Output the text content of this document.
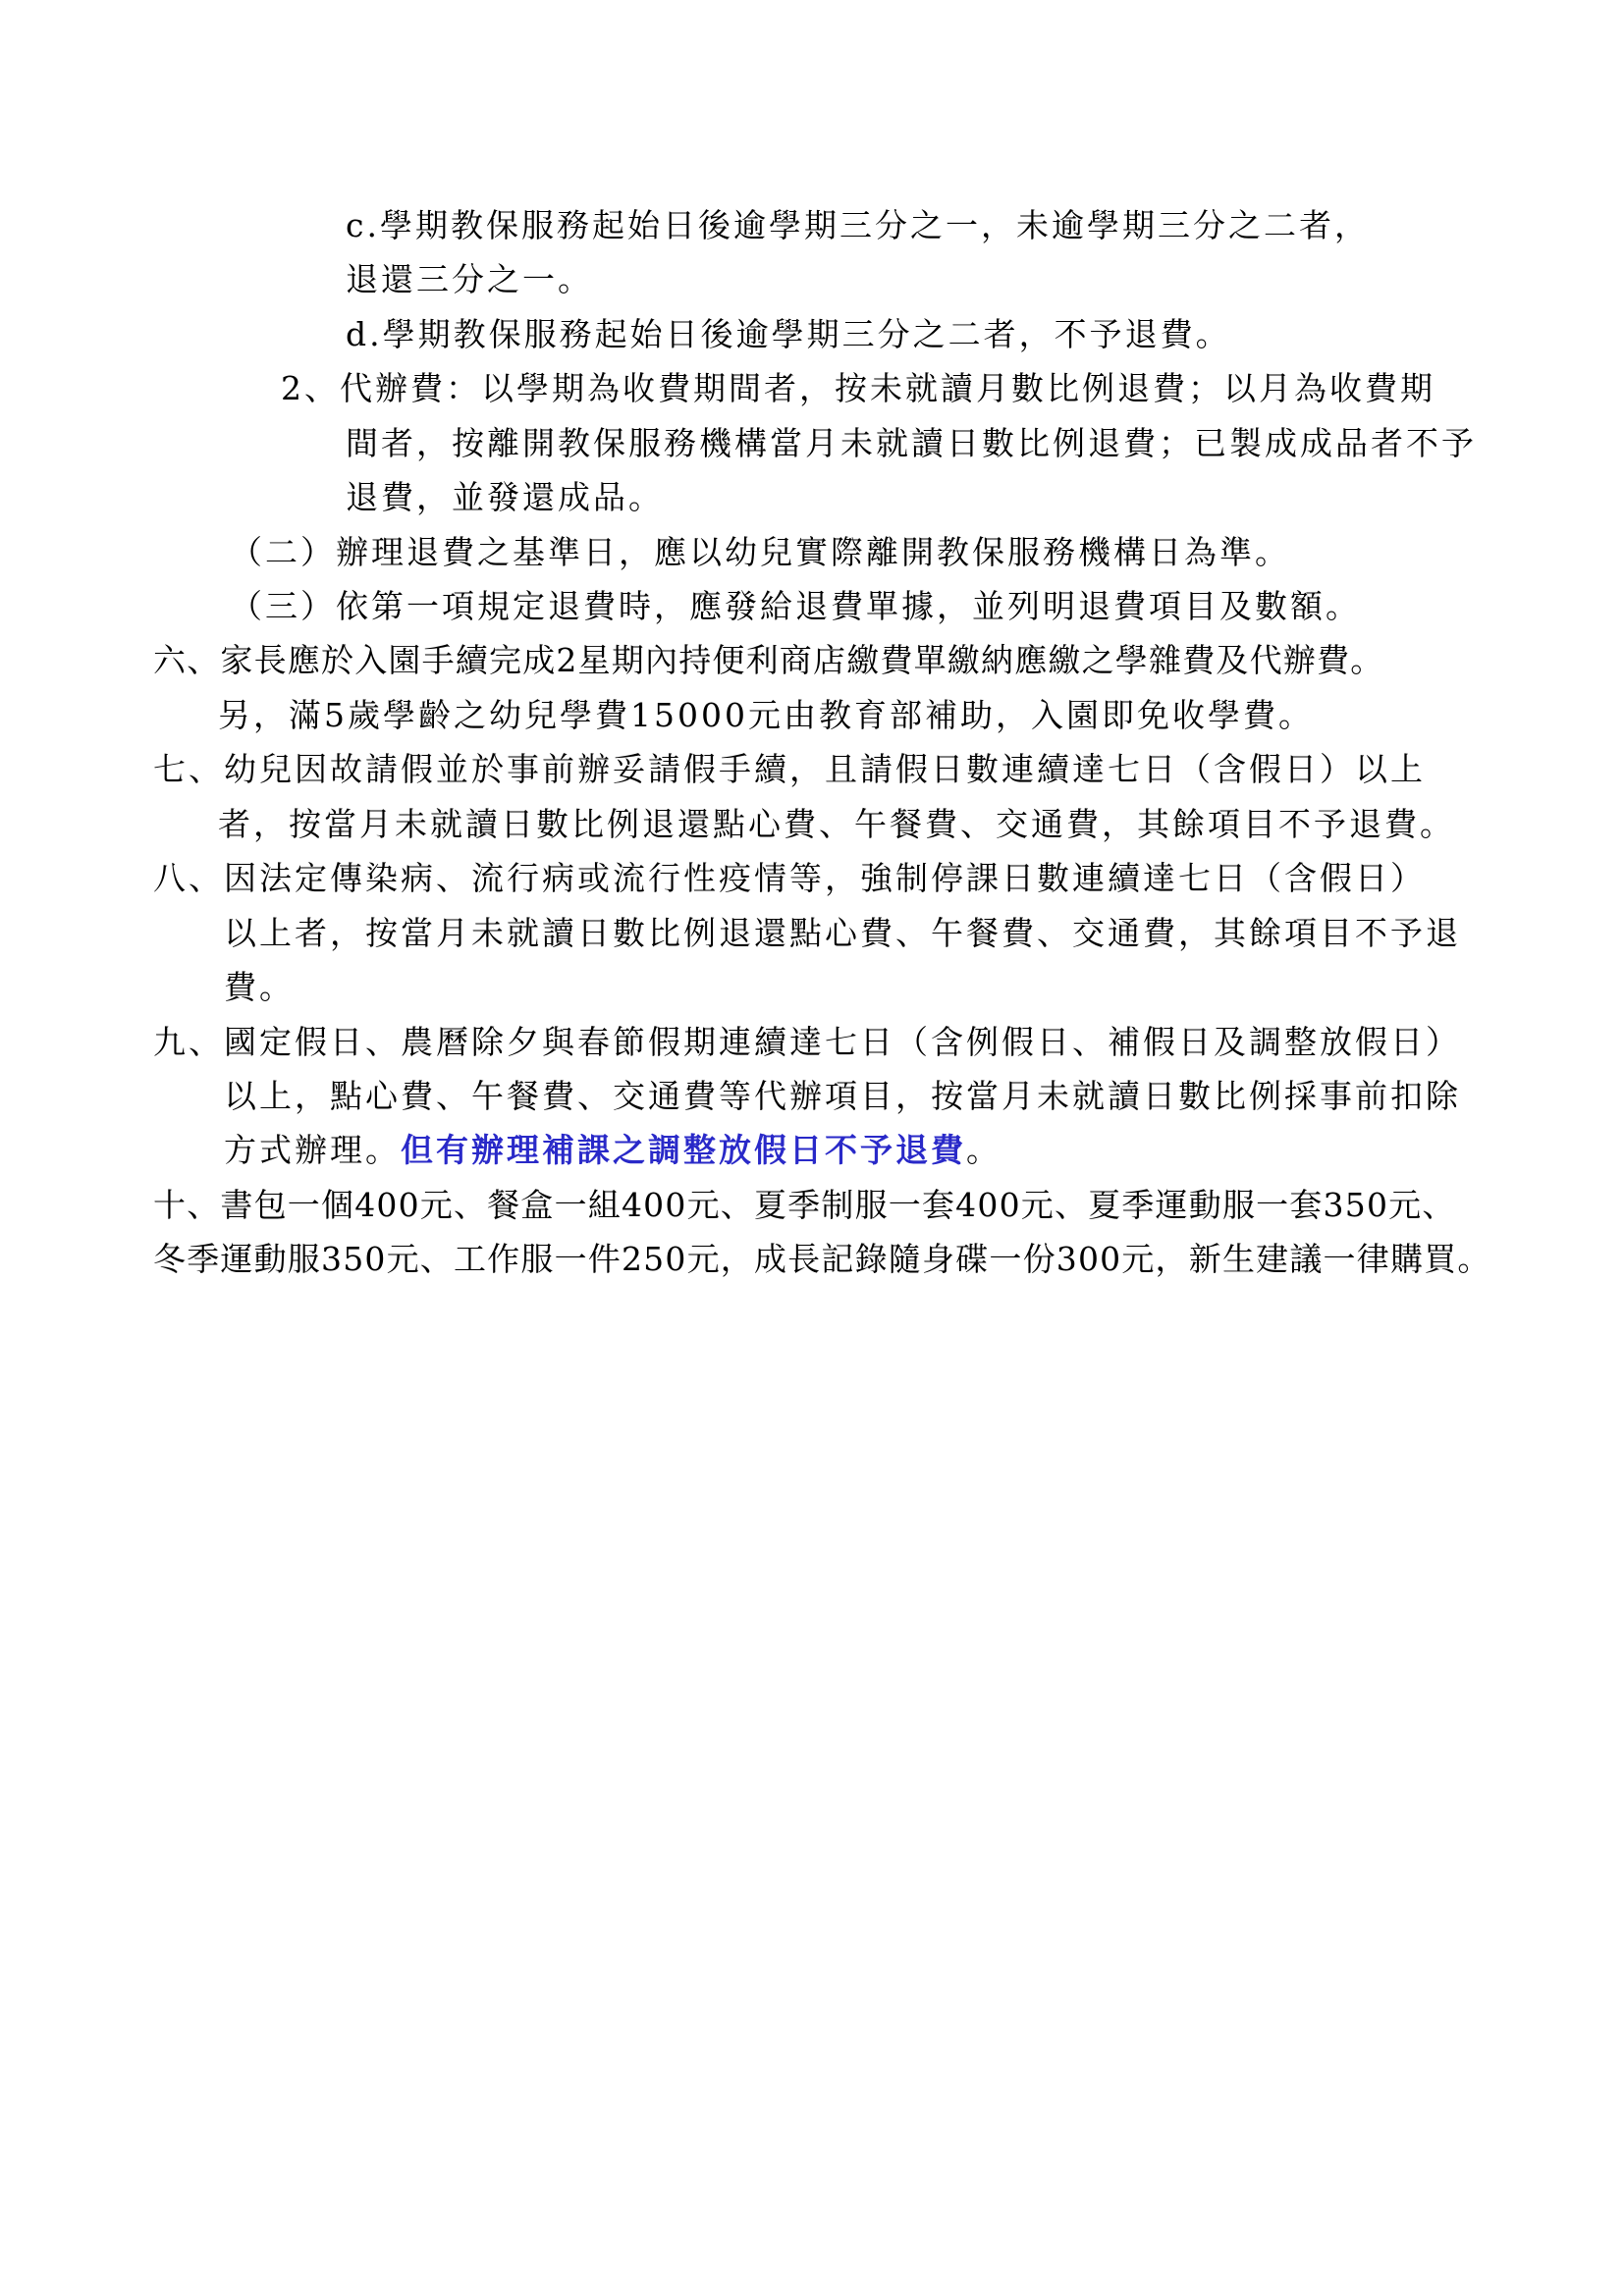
c.學期教保服務起始日後逾學期三分之一，未逾學期三分之二者，

退還三分之一。

d.學期教保服務起始日後逾學期三分之二者，不予退費。

2、代辦費：以學期為收費期間者，按未就讀月數比例退費；以月為收費期

間者，按離開教保服務機構當月未就讀日數比例退費；已製成成品者不予

退費，並發還成品。

（二）辦理退費之基準日，應以幼兒實際離開教保服務機構日為準。

（三）依第一項規定退費時，應發給退費單據，並列明退費項目及數額。

六、家長應於入園手續完成2星期內持便利商店繳費單繳納應繳之學雜費及代辦費。

另，滿5歲學齡之幼兒學費15000元由教育部補助，入園即免收學費。

七、幼兒因故請假並於事前辦妥請假手續，且請假日數連續達七日（含假日）以上

者，按當月未就讀日數比例退還點心費、午餐費、交通費，其餘項目不予退費。

八、因法定傳染病、流行病或流行性疫情等，強制停課日數連續達七日（含假日）

以上者，按當月未就讀日數比例退還點心費、午餐費、交通費，其餘項目不予退

費。

九、國定假日、農曆除夕與春節假期連續達七日（含例假日、補假日及調整放假日）

以上，點心費、午餐費、交通費等代辦項目，按當月未就讀日數比例採事前扣除

方式辦理。但有辦理補課之調整放假日不予退費。

十、書包一個400元、餐盒一組400元、夏季制服一套400元、夏季運動服一套350元、

冬季運動服350元、工作服一件250元，成長記錄隨身碟一份300元，新生建議一律購買。
